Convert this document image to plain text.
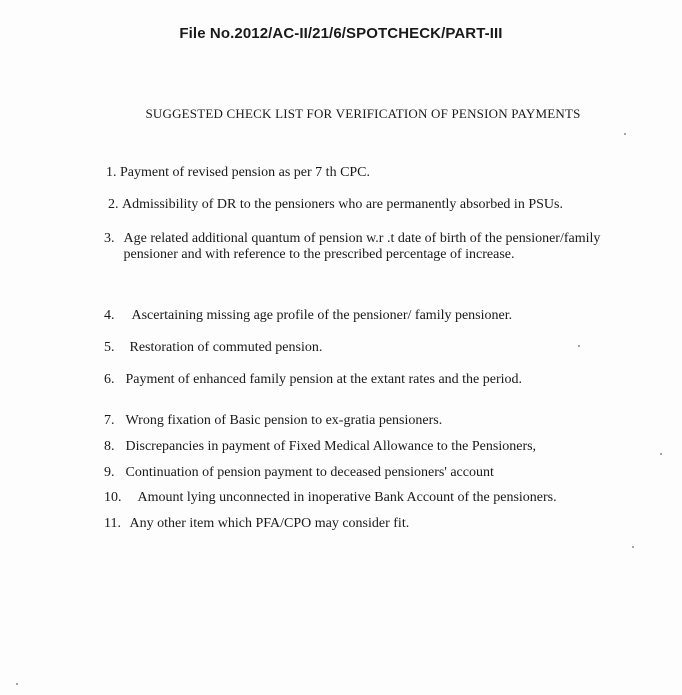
File No.2012/AC-II/21/6/SPOTCHECK/PART-III
SUGGESTED CHECK LIST FOR VERIFICATION OF PENSION PAYMENTS
1. Payment of revised pension as per 7 th CPC.
2. Admissibility of DR to the pensioners who are permanently absorbed in PSUs.
3. Age related additional quantum of pension w.r .t date of birth of the pensioner/family pensioner and with reference to the prescribed percentage of increase.
4. Ascertaining missing age profile of the pensioner/ family pensioner.
5. Restoration of commuted pension.
6. Payment of enhanced family pension at the extant rates and the period.
7. Wrong fixation of Basic pension to ex-gratia pensioners.
8. Discrepancies in payment of Fixed Medical Allowance to the Pensioners,
9. Continuation of pension payment to deceased pensioners' account
10. Amount lying unconnected in inoperative Bank Account of the pensioners.
11. Any other item which PFA/CPO may consider fit.
